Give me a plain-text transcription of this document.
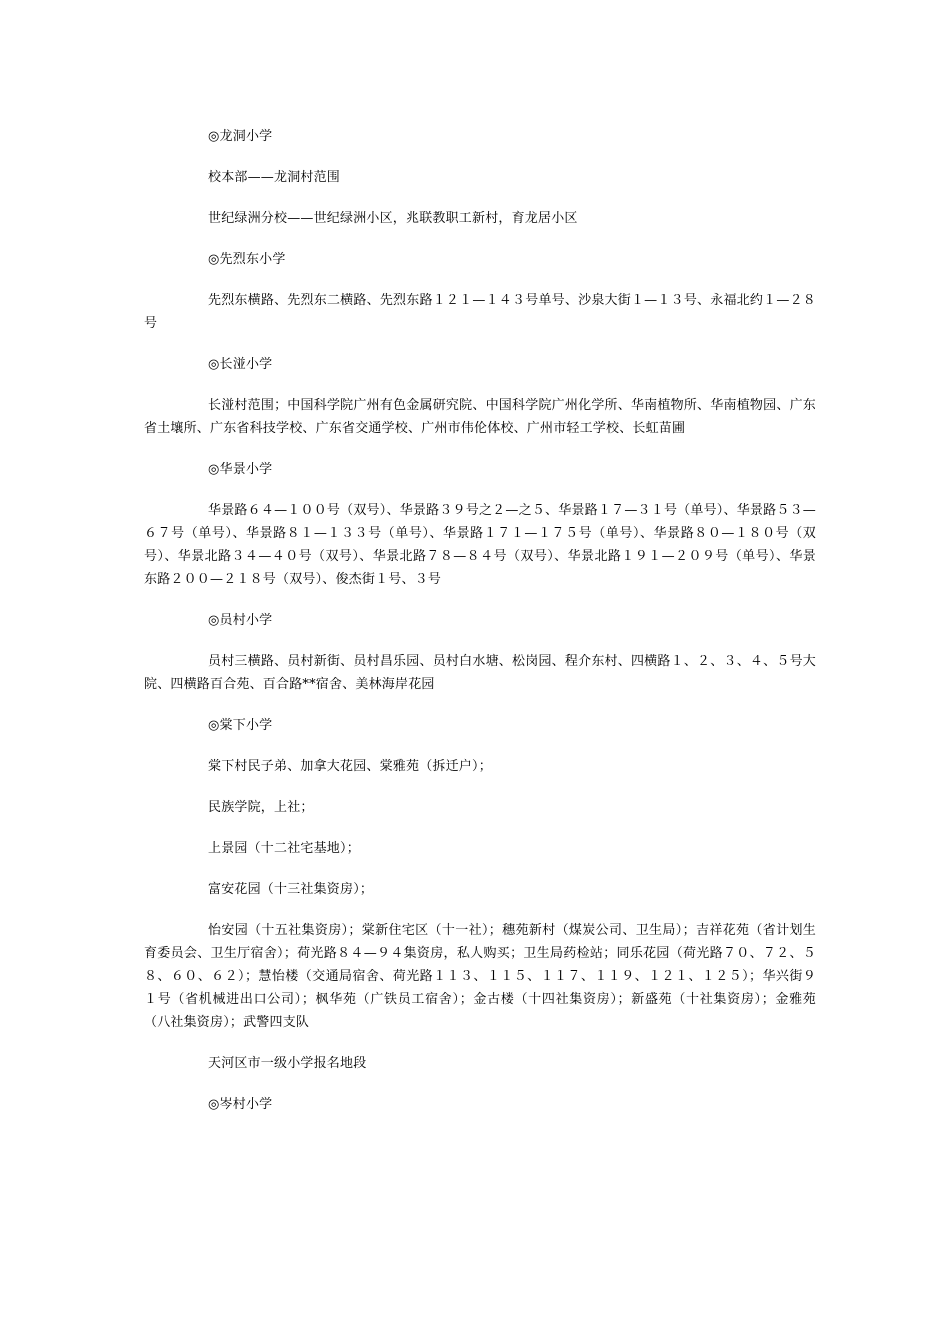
◎龙洞小学

校本部——龙洞村范围

世纪绿洲分校——世纪绿洲小区，兆联教职工新村，育龙居小区

◎先烈东小学

先烈东横路、先烈东二横路、先烈东路１２１—１４３号单号、沙泉大街１—１３号、永福北约１—２８号

◎长湴小学

长湴村范围；中国科学院广州有色金属研究院、中国科学院广州化学所、华南植物所、华南植物园、广东省土壤所、广东省科技学校、广东省交通学校、广州市伟伦体校、广州市轻工学校、长虹苗圃

◎华景小学

华景路６４—１００号（双号）、华景路３９号之２—之５、华景路１７—３１号（单号）、华景路５３—６７号（单号）、华景路８１—１３３号（单号）、华景路１７１—１７５号（单号）、华景路８０—１８０号（双号）、华景北路３４—４０号（双号）、华景北路７８—８４号（双号）、华景北路１９１—２０９号（单号）、华景东路２００—２１８号（双号）、俊杰街１号、３号

◎员村小学

员村三横路、员村新街、员村昌乐园、员村白水塘、松岗园、程介东村、四横路１、２、３、４、５号大院、四横路百合苑、百合路**宿舍、美林海岸花园

◎棠下小学

棠下村民子弟、加拿大花园、棠雅苑（拆迁户）；

民族学院，上社；

上景园（十二社宅基地）；

富安花园（十三社集资房）；

怡安园（十五社集资房）；棠新住宅区（十一社）；穗苑新村（煤炭公司、卫生局）；吉祥花苑（省计划生育委员会、卫生厅宿舍）；荷光路８４—９４集资房，私人购买；卫生局药检站；同乐花园（荷光路７０、７２、５８、６０、６２）；慧怡楼（交通局宿舍、荷光路１１３、１１５、１１７、１１９、１２１、１２５）；华兴街９１号（省机械进出口公司）；枫华苑（广铁员工宿舍）；金古楼（十四社集资房）；新盛苑（十社集资房）；金雅苑（八社集资房）；武警四支队

天河区市一级小学报名地段

◎岑村小学
